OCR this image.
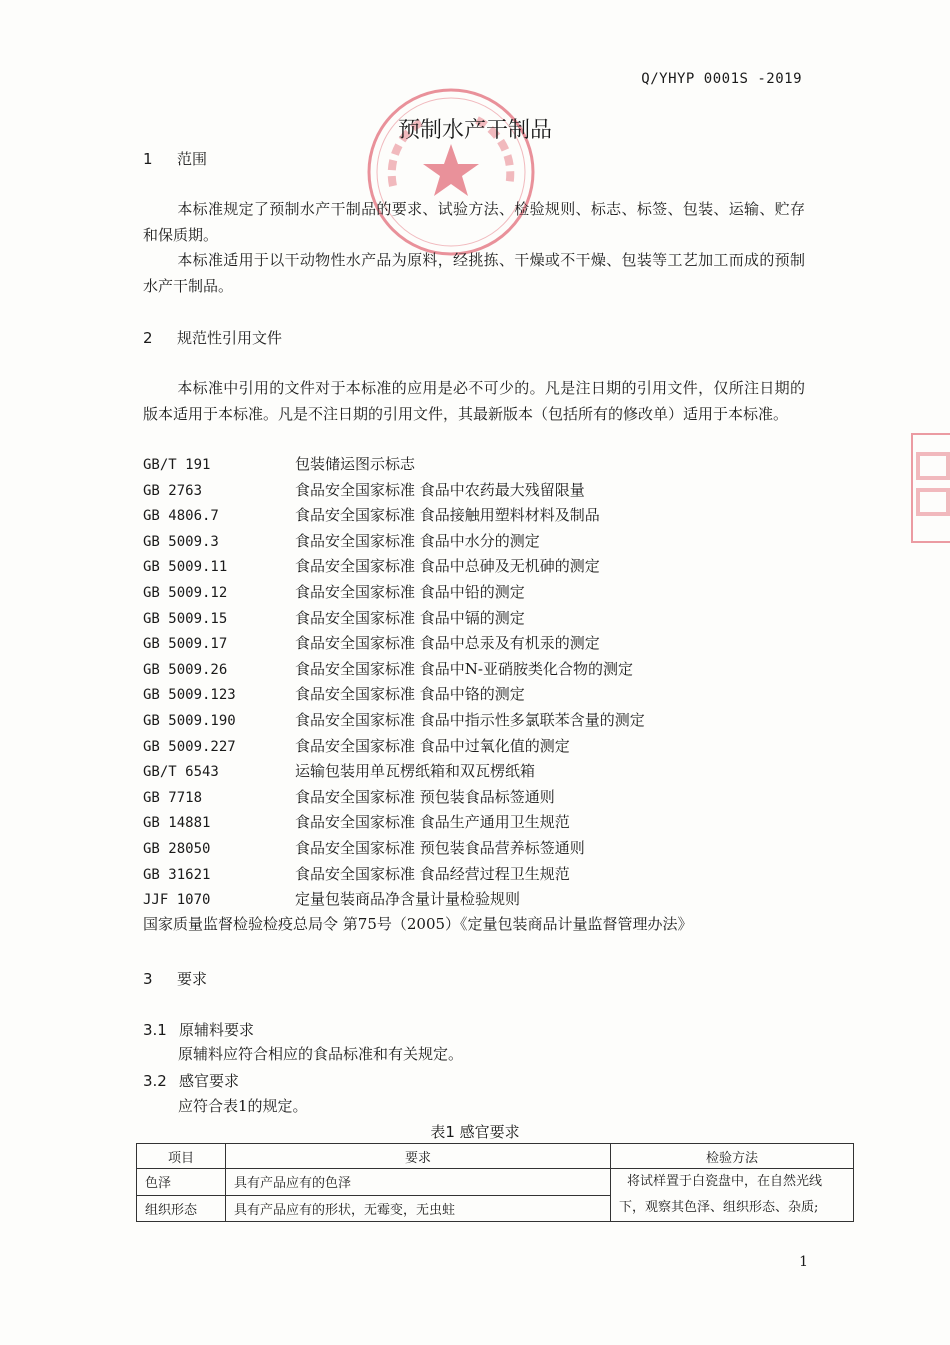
Q/YHYP 0001S -2019
预制水产干制品
1 范围
本标准规定了预制水产干制品的要求、试验方法、检验规则、标志、标签、包装、运输、贮存和保质期。
本标准适用于以干动物性水产品为原料，经挑拣、干燥或不干燥、包装等工艺加工而成的预制水产干制品。
2 规范性引用文件
本标准中引用的文件对于本标准的应用是必不可少的。凡是注日期的引用文件，仅所注日期的版本适用于本标准。凡是不注日期的引用文件，其最新版本（包括所有的修改单）适用于本标准。
GB/T 191	包装储运图示标志
GB 2763	食品安全国家标准 食品中农药最大残留限量
GB 4806.7	食品安全国家标准 食品接触用塑料材料及制品
GB 5009.3	食品安全国家标准 食品中水分的测定
GB 5009.11	食品安全国家标准 食品中总砷及无机砷的测定
GB 5009.12	食品安全国家标准 食品中铅的测定
GB 5009.15	食品安全国家标准 食品中镉的测定
GB 5009.17	食品安全国家标准 食品中总汞及有机汞的测定
GB 5009.26	食品安全国家标准 食品中N-亚硝胺类化合物的测定
GB 5009.123	食品安全国家标准 食品中铬的测定
GB 5009.190	食品安全国家标准 食品中指示性多氯联苯含量的测定
GB 5009.227	食品安全国家标准 食品中过氧化值的测定
GB/T 6543	运输包装用单瓦楞纸箱和双瓦楞纸箱
GB 7718	食品安全国家标准 预包装食品标签通则
GB 14881	食品安全国家标准 食品生产通用卫生规范
GB 28050	食品安全国家标准 预包装食品营养标签通则
GB 31621	食品安全国家标准 食品经营过程卫生规范
JJF 1070	定量包装商品净含量计量检验规则
国家质量监督检验检疫总局令 第75号（2005）《定量包装商品计量监督管理办法》
3 要求
3.1 原辅料要求
原辅料应符合相应的食品标准和有关规定。
3.2 感官要求
应符合表1的规定。
表1 感官要求
项目	要求	检验方法
色泽	具有产品应有的色泽	将试样置于白瓷盘中，在自然光线
下，观察其色泽、组织形态、杂质;

组织形态	具有产品应有的形状，无霉变，无虫蛀	
1
